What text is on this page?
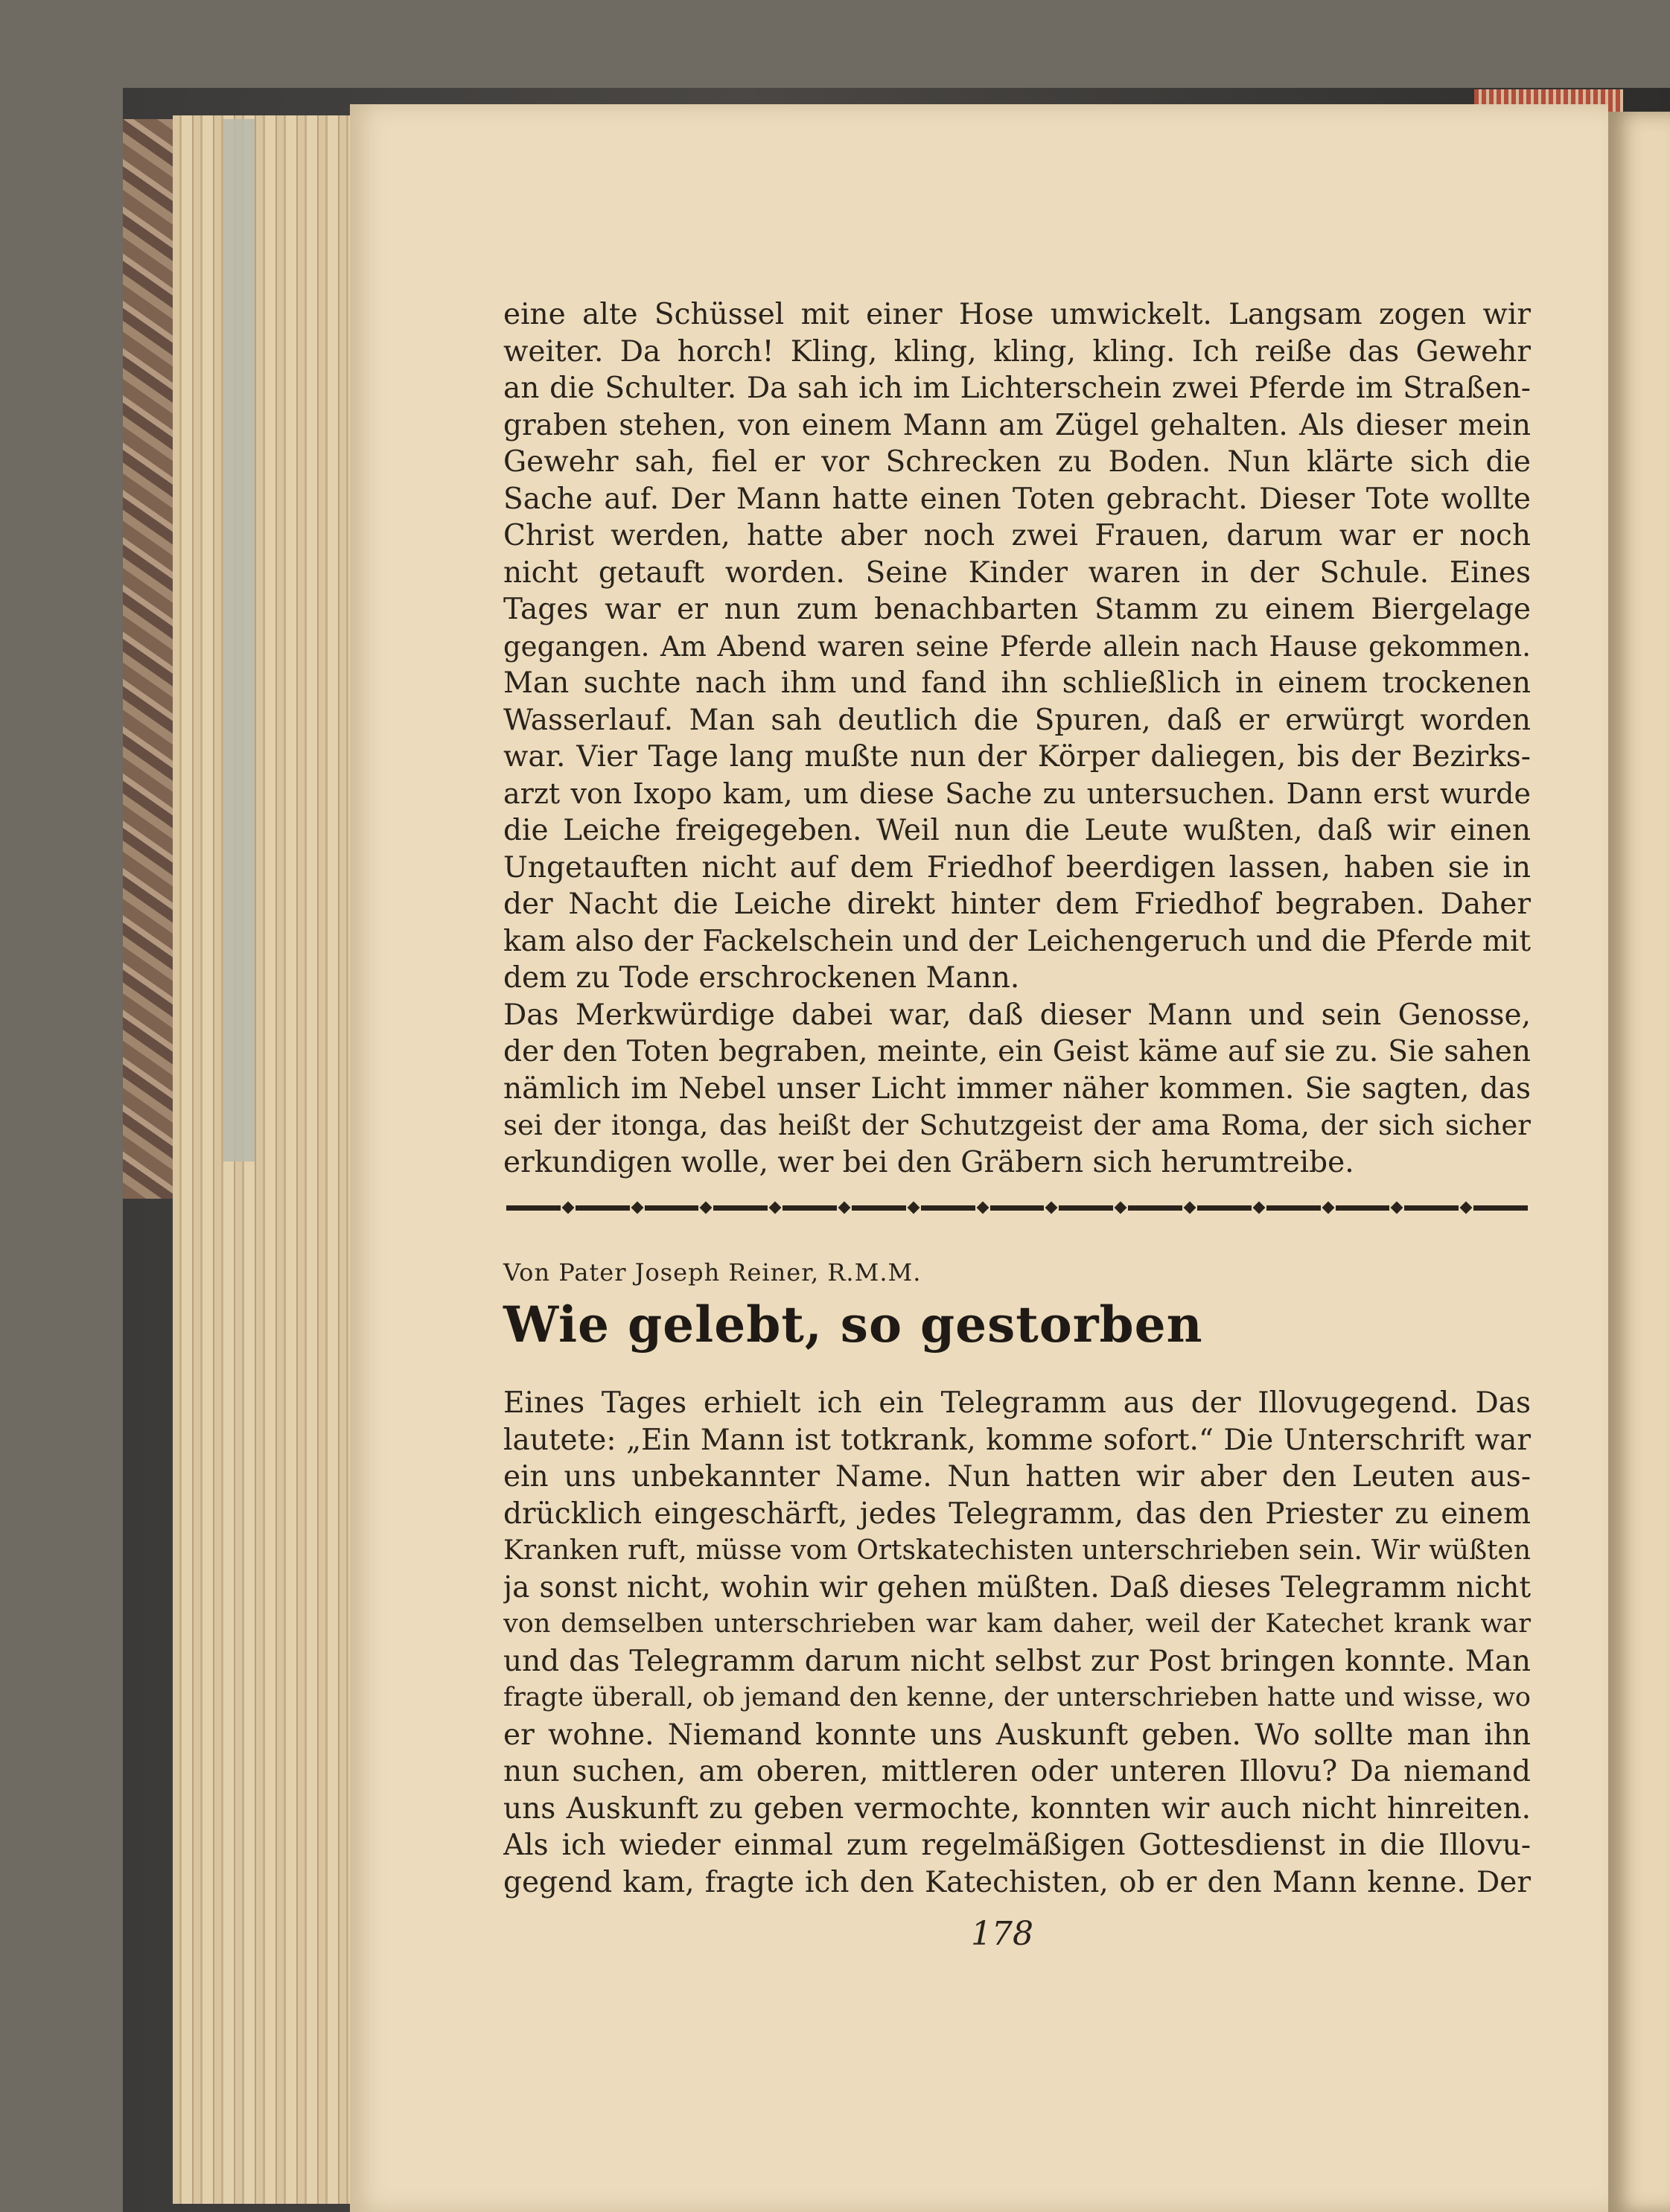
eine alte Schüssel mit einer Hose umwickelt. Langsam zogen wir
weiter. Da horch! Kling, kling, kling, kling. Ich reiße das Gewehr
an die Schulter. Da sah ich im Lichterschein zwei Pferde im Straßen-
graben stehen, von einem Mann am Zügel gehalten. Als dieser mein
Gewehr sah, fiel er vor Schrecken zu Boden. Nun klärte sich die
Sache auf. Der Mann hatte einen Toten gebracht. Dieser Tote wollte
Christ werden, hatte aber noch zwei Frauen, darum war er noch
nicht getauft worden. Seine Kinder waren in der Schule. Eines
Tages war er nun zum benachbarten Stamm zu einem Biergelage
gegangen. Am Abend waren seine Pferde allein nach Hause gekommen.
Man suchte nach ihm und fand ihn schließlich in einem trockenen
Wasserlauf. Man sah deutlich die Spuren, daß er erwürgt worden
war. Vier Tage lang mußte nun der Körper daliegen, bis der Bezirks-
arzt von Ixopo kam, um diese Sache zu untersuchen. Dann erst wurde
die Leiche freigegeben. Weil nun die Leute wußten, daß wir einen
Ungetauften nicht auf dem Friedhof beerdigen lassen, haben sie in
der Nacht die Leiche direkt hinter dem Friedhof begraben. Daher
kam also der Fackelschein und der Leichengeruch und die Pferde mit
dem zu Tode erschrockenen Mann.
Das Merkwürdige dabei war, daß dieser Mann und sein Genosse,
der den Toten begraben, meinte, ein Geist käme auf sie zu. Sie sahen
nämlich im Nebel unser Licht immer näher kommen. Sie sagten, das
sei der itonga, das heißt der Schutzgeist der ama Roma, der sich sicher
erkundigen wolle, wer bei den Gräbern sich herumtreibe.
Von Pater Joseph Reiner, R.M.M.
Wie gelebt, so gestorben
Eines Tages erhielt ich ein Telegramm aus der Illovugegend. Das
lautete: „Ein Mann ist totkrank, komme sofort.“ Die Unterschrift war
ein uns unbekannter Name. Nun hatten wir aber den Leuten aus-
drücklich eingeschärft, jedes Telegramm, das den Priester zu einem
Kranken ruft, müsse vom Ortskatechisten unterschrieben sein. Wir wüßten
ja sonst nicht, wohin wir gehen müßten. Daß dieses Telegramm nicht
von demselben unterschrieben war kam daher, weil der Katechet krank war
und das Telegramm darum nicht selbst zur Post bringen konnte. Man
fragte überall, ob jemand den kenne, der unterschrieben hatte und wisse, wo
er wohne. Niemand konnte uns Auskunft geben. Wo sollte man ihn
nun suchen, am oberen, mittleren oder unteren Illovu? Da niemand
uns Auskunft zu geben vermochte, konnten wir auch nicht hinreiten.
Als ich wieder einmal zum regelmäßigen Gottesdienst in die Illovu-
gegend kam, fragte ich den Katechisten, ob er den Mann kenne. Der
178
